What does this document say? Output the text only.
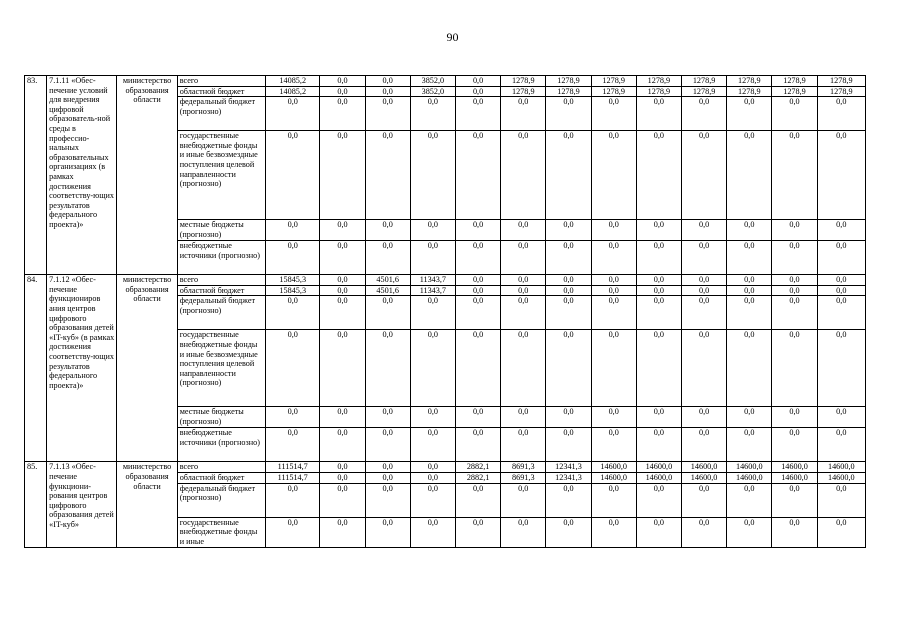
90
83.	7.1.11 «Обес-печение условий для внедрения цифровой образователь-ной среды в профессио-нальных образовательных организациях (в рамках достижения соответству-ющих результатов федерального проекта)»	министерство образования области	всего	14085,2	0,0	0,0	3852,0	0,0	1278,9	1278,9	1278,9	1278,9	1278,9	1278,9	1278,9	1278,9
			областной бюджет	14085,2	0,0	0,0	3852,0	0,0	1278,9	1278,9	1278,9	1278,9	1278,9	1278,9	1278,9	1278,9
			федеральный бюджет (прогнозно)	0,0	0,0	0,0	0,0	0,0	0,0	0,0	0,0	0,0	0,0	0,0	0,0	0,0
			государственные внебюджетные фонды и иные безвозмездные поступления целевой направленности (прогнозно)	0,0	0,0	0,0	0,0	0,0	0,0	0,0	0,0	0,0	0,0	0,0	0,0	0,0
			местные бюджеты (прогнозно)	0,0	0,0	0,0	0,0	0,0	0,0	0,0	0,0	0,0	0,0	0,0	0,0	0,0
			внебюджетные источники (прогнозно)	0,0	0,0	0,0	0,0	0,0	0,0	0,0	0,0	0,0	0,0	0,0	0,0	0,0
84.	7.1.12 «Обес-печение функциониров ания центров цифрового образования детей «IT-куб» (в рамках достижения соответству-ющих результатов федерального проекта)»	министерство образования области	всего	15845,3	0,0	4501,6	11343,7	0,0	0,0	0,0	0,0	0,0	0,0	0,0	0,0	0,0
			областной бюджет	15845,3	0,0	4501,6	11343,7	0,0	0,0	0,0	0,0	0,0	0,0	0,0	0,0	0,0
			федеральный бюджет (прогнозно)	0,0	0,0	0,0	0,0	0,0	0,0	0,0	0,0	0,0	0,0	0,0	0,0	0,0
			государственные внебюджетные фонды и иные безвозмездные поступления целевой направленности (прогнозно)	0,0	0,0	0,0	0,0	0,0	0,0	0,0	0,0	0,0	0,0	0,0	0,0	0,0
			местные бюджеты (прогнозно)	0,0	0,0	0,0	0,0	0,0	0,0	0,0	0,0	0,0	0,0	0,0	0,0	0,0
			внебюджетные источники (прогнозно)	0,0	0,0	0,0	0,0	0,0	0,0	0,0	0,0	0,0	0,0	0,0	0,0	0,0
85.	7.1.13 «Обес-печение функциони-рования центров цифрового образования детей «IT-куб»	министерство образования области	всего	111514,7	0,0	0,0	0,0	2882,1	8691,3	12341,3	14600,0	14600,0	14600,0	14600,0	14600,0	14600,0
			областной бюджет	111514,7	0,0	0,0	0,0	2882,1	8691,3	12341,3	14600,0	14600,0	14600,0	14600,0	14600,0	14600,0
			федеральный бюджет (прогнозно)	0,0	0,0	0,0	0,0	0,0	0,0	0,0	0,0	0,0	0,0	0,0	0,0	0,0
			государственные внебюджетные фонды и иные	0,0	0,0	0,0	0,0	0,0	0,0	0,0	0,0	0,0	0,0	0,0	0,0	0,0
